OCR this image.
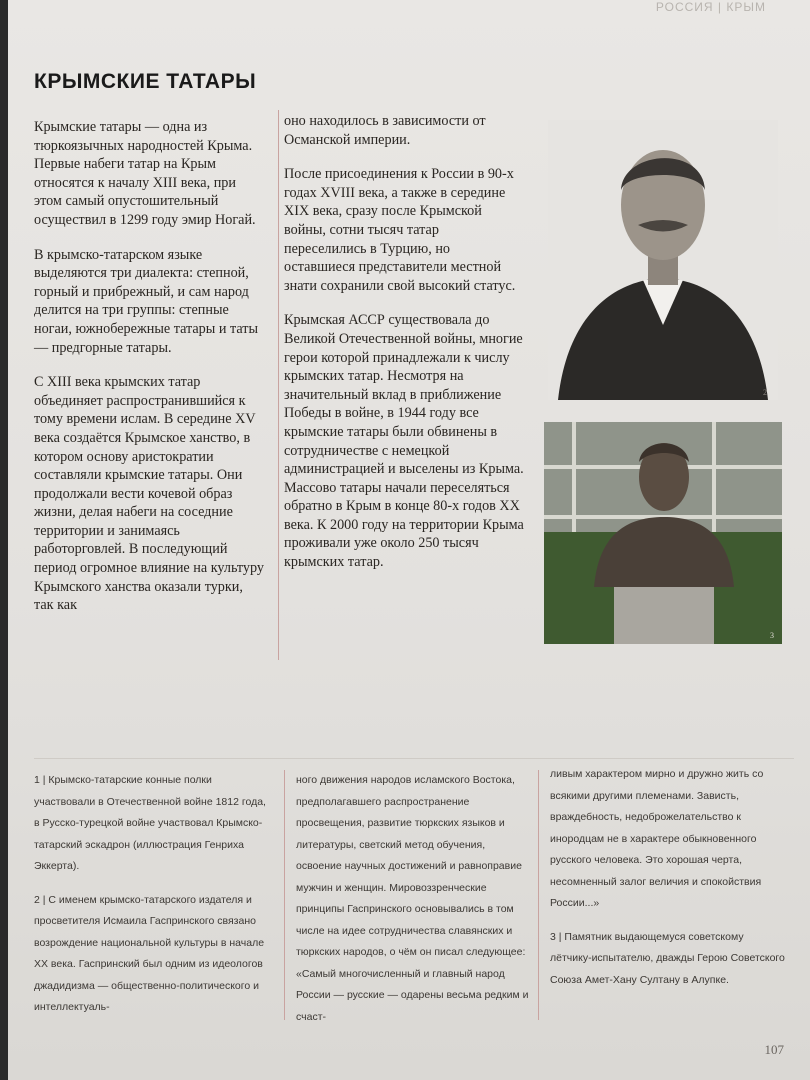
РОССИЯ | КРЫМ
КРЫМСКИЕ ТАТАРЫ

Крымские татары — одна из тюркоязычных народностей Крыма. Первые набеги татар на Крым относятся к началу XIII века, при этом самый опустошительный осуществил в 1299 году эмир Ногай.

В крымско-татарском языке выделяются три диалекта: степной, горный и прибрежный, и сам народ делится на три группы: степные ногаи, южнобережные татары и таты — предгорные татары.

С XIII века крымских татар объединяет распространившийся к тому времени ислам. В середине XV века создаётся Крымское ханство, в котором основу аристократии составляли крымские татары. Они продолжали вести кочевой образ жизни, делая набеги на соседние территории и занимаясь работорговлей. В последующий период огромное влияние на культуру Крымского ханства оказали турки, так как

оно находилось в зависимости от Османской империи.

После присоединения к России в 90-х годах XVIII века, а также в середине XIX века, сразу после Крымской войны, сотни тысяч татар переселились в Турцию, но оставшиеся представители местной знати сохранили свой высокий статус.

Крымская АССР существовала до Великой Отечественной войны, многие герои которой принадлежали к числу крымских татар. Несмотря на значительный вклад в приближение Победы в войне, в 1944 году все крымские татары были обвинены в сотрудничестве с немецкой администрацией и выселены из Крыма. Массово татары начали переселяться обратно в Крым в конце 80-х годов XX века. К 2000 году на территории Крыма проживали уже около 250 тысяч крымских татар.

2
3

1 | Крымско-татарские конные полки участвовали в Отечественной войне 1812 года, в Русско-турецкой войне участвовал Крымско-татарский эскадрон (иллюстрация Генриха Эккерта).

2 | С именем крымско-татарского издателя и просветителя Исмаила Гаспринского связано возрождение национальной культуры в начале XX века. Гаспринский был одним из идеологов джадидизма — общественно-политического и интеллектуаль-

ного движения народов исламского Востока, предполагавшего распространение просвещения, развитие тюркских языков и литературы, светский метод обучения, освоение научных достижений и равноправие мужчин и женщин. Мировоззренческие принципы Гаспринского основывались в том числе на идее сотрудничества славянских и тюркских народов, о чём он писал следующее: «Самый многочисленный и главный народ России — русские — одарены весьма редким и счаст-

ливым характером мирно и дружно жить со всякими другими племенами. Зависть, враждебность, недоброжелательство к инородцам не в характере обыкновенного русского человека. Это хорошая черта, несомненный залог величия и спокойствия России...»

3 | Памятник выдающемуся советскому лётчику-испытателю, дважды Герою Советского Союза Амет-Хану Султану в Алупке.

107
